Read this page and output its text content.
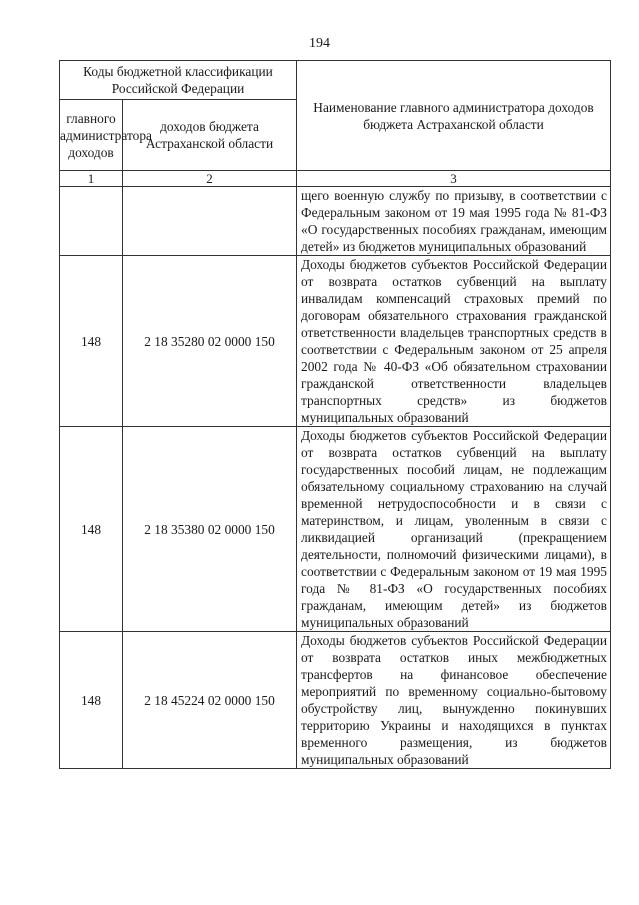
194
Коды бюджетной классификации Российской Федерации		Наименование главного администратора доходов бюджета Астраханской области
главного администратора доходов	доходов бюджета Астраханской области	
1	2	3
		щего военную службу по призыву, в соответствии с Федеральным законом от 19 мая 1995 года № 81-ФЗ «О государственных пособиях гражданам, имеющим детей» из бюджетов муниципальных образований
148	2 18 35280 02 0000 150	Доходы бюджетов субъектов Российской Федерации от возврата остатков субвенций на выплату инвалидам компенсаций страховых премий по договорам обязательного страхования гражданской ответственности владельцев транспортных средств в соответствии с Федеральным законом от 25 апреля 2002 года № 40-ФЗ «Об обязательном страховании гражданской ответственности владельцев транспортных средств» из бюджетов муниципальных образований
148	2 18 35380 02 0000 150	Доходы бюджетов субъектов Российской Федерации от возврата остатков субвенций на выплату государственных пособий лицам, не подлежащим обязательному социальному страхованию на случай временной нетрудоспособности и в связи с материнством, и лицам, уволенным в связи с ликвидацией организаций (прекращением деятельности, полномочий физическими лицами), в соответствии с Федеральным законом от 19 мая 1995 года № 81-ФЗ «О государственных пособиях гражданам, имеющим детей» из бюджетов муниципальных образований
148	2 18 45224 02 0000 150	Доходы бюджетов субъектов Российской Федерации от возврата остатков иных межбюджетных трансфертов на финансовое обеспечение мероприятий по временному социально-бытовому обустройству лиц, вынужденно покинувших территорию Украины и находящихся в пунктах временного размещения, из бюджетов муниципальных образований
